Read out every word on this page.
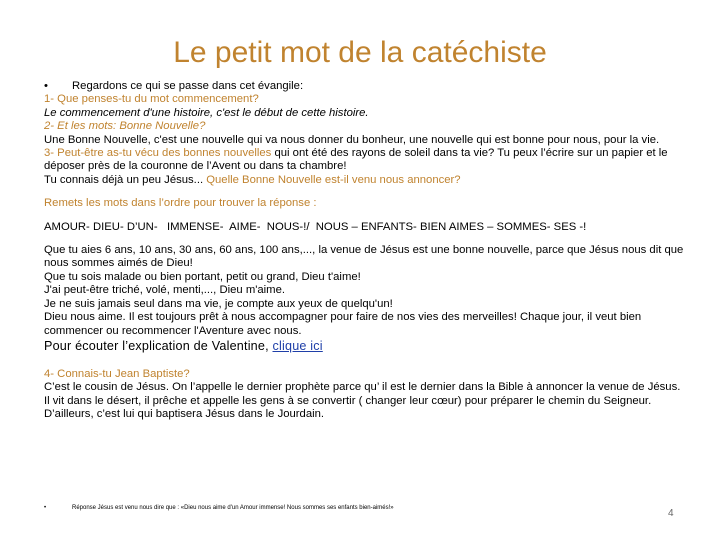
Le petit mot de la catéchiste

• Regardons ce qui se passe dans cet évangile:

1- Que penses-tu du mot commencement?

Le commencement d'une histoire, c'est le début de cette histoire.

2- Et les mots: Bonne Nouvelle?

Une Bonne Nouvelle, c'est une nouvelle qui va nous donner du bonheur, une nouvelle qui est bonne pour nous, pour la vie.

3- Peut-être as-tu vécu des bonnes nouvelles qui ont été des rayons de soleil dans ta vie? Tu peux l’écrire sur un papier et le déposer près de la couronne de l’Avent ou dans ta chambre!

Tu connais déjà un peu Jésus... Quelle Bonne Nouvelle est-il venu nous annoncer?

Remets les mots dans l’ordre pour trouver la réponse :

AMOUR- DIEU- D’UN-   IMMENSE-  AIME-  NOUS-!/  NOUS – ENFANTS- BIEN AIMES – SOMMES- SES -!

Que tu aies 6 ans, 10 ans, 30 ans, 60 ans, 100 ans,..., la venue de Jésus est une bonne nouvelle, parce que Jésus nous dit que nous sommes aimés de Dieu!

Que tu sois malade ou bien portant, petit ou grand, Dieu t'aime!

J'ai peut-être triché, volé, menti,..., Dieu m'aime.

Je ne suis jamais seul dans ma vie, je compte aux yeux de quelqu'un!

Dieu nous aime. Il est toujours prêt à nous accompagner pour faire de nos vies des merveilles! Chaque jour, il veut bien commencer ou recommencer l'Aventure avec nous.

Pour écouter l’explication de Valentine, clique ici

4- Connais-tu Jean Baptiste?

C’est le cousin de Jésus. On l’appelle le dernier prophète parce qu’ il est le dernier dans la Bible à annoncer la venue de Jésus. Il vit dans le désert, il prêche et appelle les gens à se convertir ( changer leur cœur) pour préparer le chemin du Seigneur. D’ailleurs, c’est lui qui baptisera Jésus dans le Jourdain.

•	Réponse Jésus est venu nous dire que : «Dieu nous aime d'un Amour immense! Nous sommes ses enfants bien-aimés!»	4
